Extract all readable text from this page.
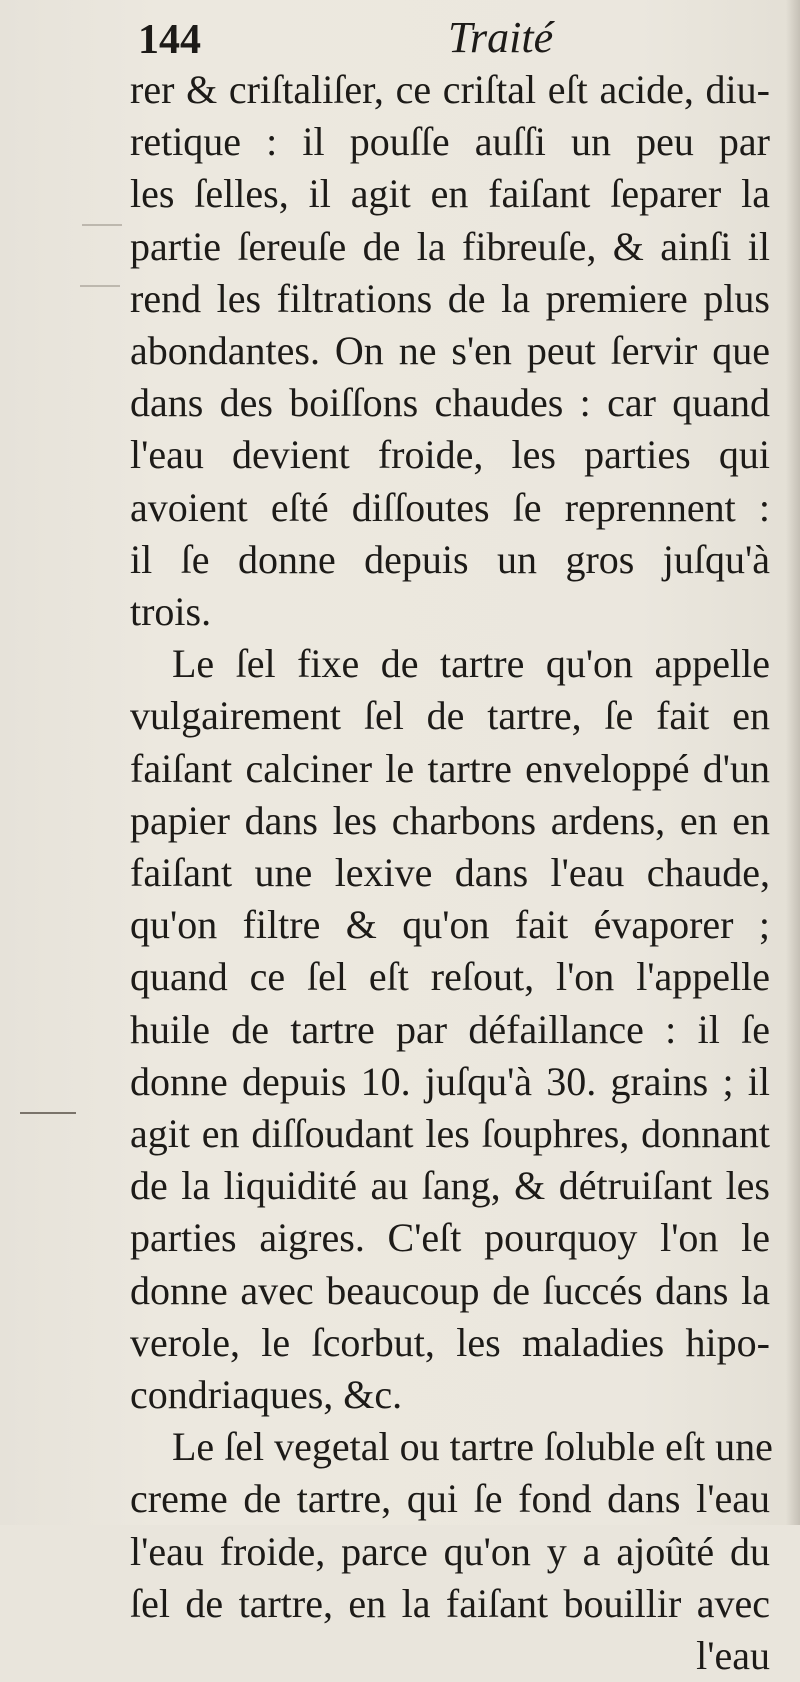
144	Traité
rer & criſtaliſer, ce criſtal eſt acide, diu-
retique : il pouſſe auſſi un peu par
les ſelles, il agit en faiſant ſeparer la
partie ſereuſe de la fibreuſe, & ainſi il
rend les filtrations de la premiere plus
abondantes. On ne s'en peut ſervir que
dans des boiſſons chaudes : car quand
l'eau devient froide, les parties qui
avoient eſté diſſoutes ſe reprennent :
il ſe donne depuis un gros juſqu'à
trois.
Le ſel fixe de tartre qu'on appelle
vulgairement ſel de tartre, ſe fait en
faiſant calciner le tartre enveloppé d'un
papier dans les charbons ardens, en en
faiſant une lexive dans l'eau chaude,
qu'on filtre & qu'on fait évaporer ;
quand ce ſel eſt reſout, l'on l'appelle
huile de tartre par défaillance : il ſe
donne depuis 10. juſqu'à 30. grains ; il
agit en diſſoudant les ſouphres, donnant
de la liquidité au ſang, & détruiſant les
parties aigres. C'eſt pourquoy l'on le
donne avec beaucoup de ſuccés dans la
verole, le ſcorbut, les maladies hipo-
condriaques, &c.
Le ſel vegetal ou tartre ſoluble eſt une
creme de tartre, qui ſe fond dans l'eau
l'eau froide, parce qu'on y a ajoûté du
ſel de tartre, en la faiſant bouillir avec
l'eau
